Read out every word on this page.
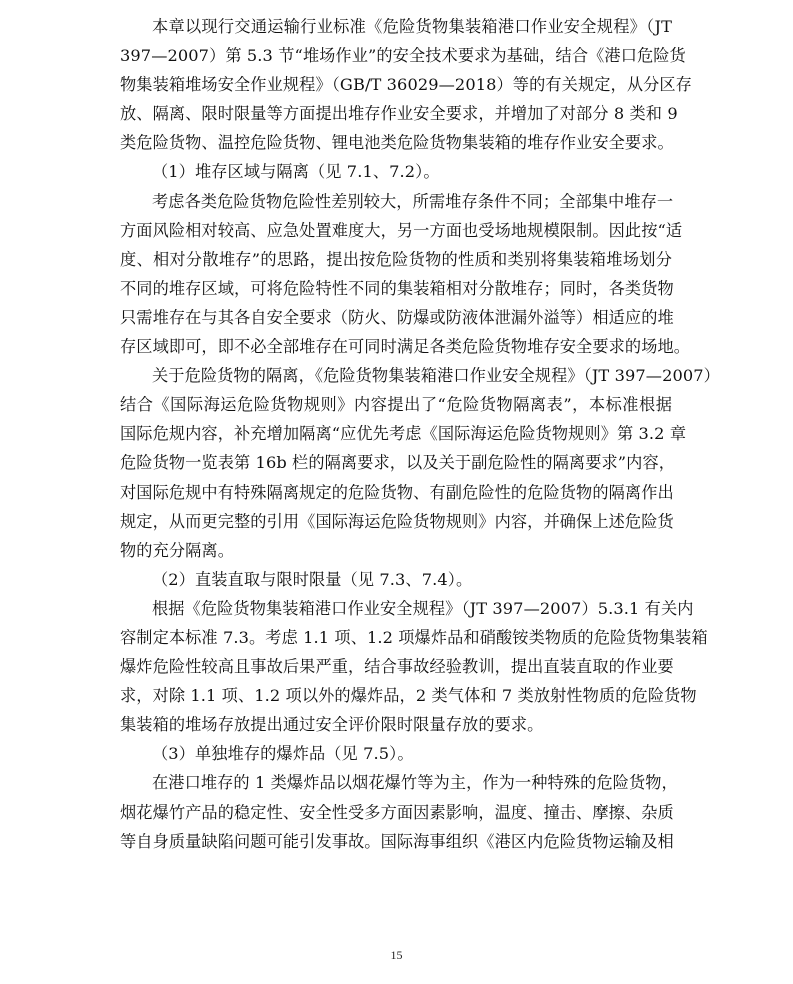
本章以现行交通运输行业标准《危险货物集装箱港口作业安全规程》（JT
397—2007）第 5.3 节“堆场作业”的安全技术要求为基础，结合《港口危险货
物集装箱堆场安全作业规程》（GB/T 36029—2018）等的有关规定，从分区存
放、隔离、限时限量等方面提出堆存作业安全要求，并增加了对部分 8 类和 9
类危险货物、温控危险货物、锂电池类危险货物集装箱的堆存作业安全要求。
（1）堆存区域与隔离（见 7.1、7.2）。
考虑各类危险货物危险性差别较大，所需堆存条件不同；全部集中堆存一
方面风险相对较高、应急处置难度大，另一方面也受场地规模限制。因此按“适
度、相对分散堆存”的思路，提出按危险货物的性质和类别将集装箱堆场划分
不同的堆存区域，可将危险特性不同的集装箱相对分散堆存；同时，各类货物
只需堆存在与其各自安全要求（防火、防爆或防液体泄漏外溢等）相适应的堆
存区域即可，即不必全部堆存在可同时满足各类危险货物堆存安全要求的场地。
关于危险货物的隔离，《危险货物集装箱港口作业安全规程》（JT 397—2007）
结合《国际海运危险货物规则》内容提出了“危险货物隔离表”，本标准根据
国际危规内容，补充增加隔离“应优先考虑《国际海运危险货物规则》第 3.2 章
危险货物一览表第 16b 栏的隔离要求，以及关于副危险性的隔离要求”内容，
对国际危规中有特殊隔离规定的危险货物、有副危险性的危险货物的隔离作出
规定，从而更完整的引用《国际海运危险货物规则》内容，并确保上述危险货
物的充分隔离。
（2）直装直取与限时限量（见 7.3、7.4）。
根据《危险货物集装箱港口作业安全规程》（JT 397—2007）5.3.1 有关内
容制定本标准 7.3。考虑 1.1 项、1.2 项爆炸品和硝酸铵类物质的危险货物集装箱
爆炸危险性较高且事故后果严重，结合事故经验教训，提出直装直取的作业要
求，对除 1.1 项、1.2 项以外的爆炸品，2 类气体和 7 类放射性物质的危险货物
集装箱的堆场存放提出通过安全评价限时限量存放的要求。
（3）单独堆存的爆炸品（见 7.5）。
在港口堆存的 1 类爆炸品以烟花爆竹等为主，作为一种特殊的危险货物，
烟花爆竹产品的稳定性、安全性受多方面因素影响，温度、撞击、摩擦、杂质
等自身质量缺陷问题可能引发事故。国际海事组织《港区内危险货物运输及相
15
